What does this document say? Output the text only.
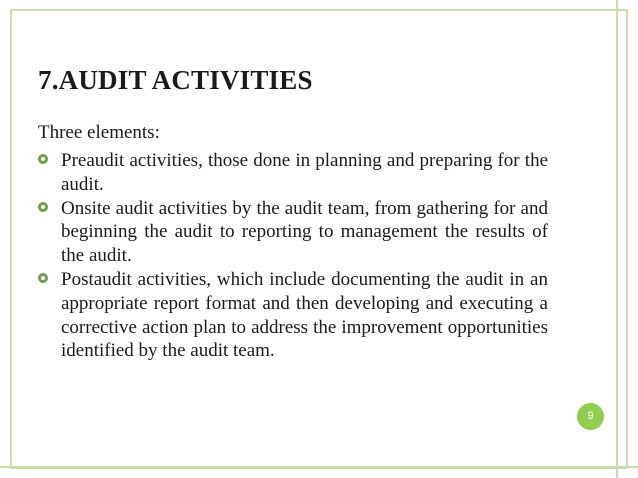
7.AUDIT ACTIVITIES
Three elements:
Preaudit activities, those done in planning and preparing for the audit.
Onsite audit activities by the audit team, from gathering for and beginning the audit to reporting to management the results of the audit.
Postaudit activities, which include documenting the audit in an appropriate report format and then developing and executing a corrective action plan to address the improvement opportunities identified by the audit team.
9
